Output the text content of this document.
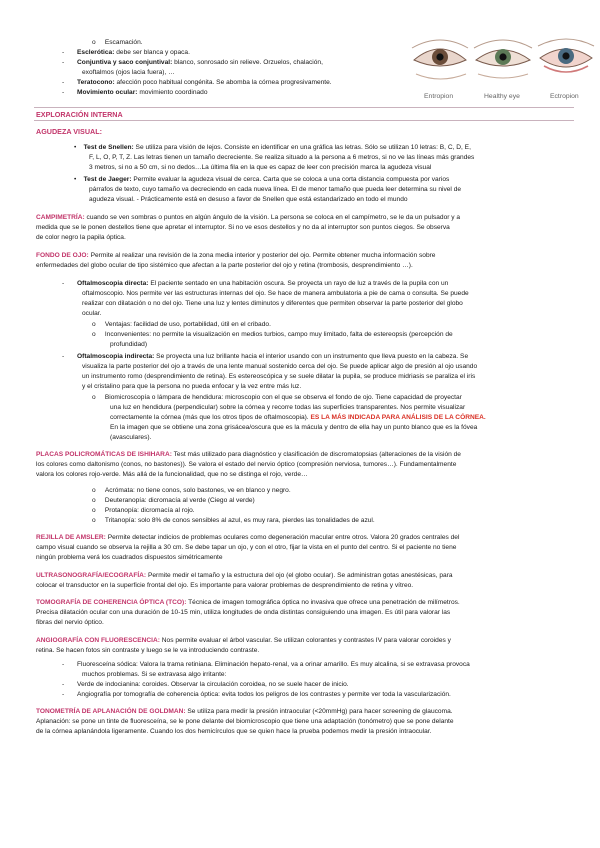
o Escamación.
- Esclerótica: debe ser blanca y opaca.
- Conjuntiva y saco conjuntival: blanco, sonrosado sin relieve. Orzuelos, chalación,
exoftalmos (ojos lacia fuera), …
- Teratocono: afección poco habitual congénita. Se abomba la córnea progresivamente.
- Movimiento ocular: movimiento coordinado
Entropion	Healthy eye	Ectropion
EXPLORACIÓN INTERNA
AGUDEZA VISUAL:
• Test de Snellen: Se utiliza para visión de lejos. Consiste en identificar en una gráfica las letras. Sólo se utilizan 10 letras: B, C, D, E,
F, L, O, P, T, Z. Las letras tienen un tamaño decreciente. Se realiza situado a la persona a 6 metros, si no ve las líneas más grandes
3 metros, si no a 50 cm, si no dedos…La última fila en la que es capaz de leer con precisión marca la agudeza visual
• Test de Jaeger: Permite evaluar la agudeza visual de cerca. Carta que se coloca a una corta distancia compuesta por varios
párrafos de texto, cuyo tamaño va decreciendo en cada nueva línea. El de menor tamaño que pueda leer determina su nivel de
agudeza visual. - Prácticamente está en desuso a favor de Snellen que está estandarizado en todo el mundo
CAMPIMETRÍA: cuando se ven sombras o puntos en algún ángulo de la visión. La persona se coloca en el campímetro, se le da un pulsador y a
medida que se le ponen destellos tiene que apretar el interruptor. Si no ve esos destellos y no da al interruptor son puntos ciegos. Se observa
de color negro la papila óptica.
FONDO DE OJO: Permite al realizar una revisión de la zona media interior y posterior del ojo. Permite obtener mucha información sobre
enfermedades del globo ocular de tipo sistémico que afectan a la parte posterior del ojo y retina (trombosis, desprendimiento …).
- Oftalmoscopia directa: El paciente sentado en una habitación oscura. Se proyecta un rayo de luz a través de la pupila con un
oftalmoscopio. Nos permite ver las estructuras internas del ojo. Se hace de manera ambulatoria a pie de cama o consulta. Se puede
realizar con dilatación o no del ojo. Tiene una luz y lentes diminutos y diferentes que permiten observar la parte posterior del globo
ocular.
o Ventajas: facilidad de uso, portabilidad, útil en el cribado.
o Inconvenientes: no permite la visualización en medios turbios, campo muy limitado, falta de estereopsis (percepción de
profundidad)
- Oftalmoscopia indirecta: Se proyecta una luz brillante hacia el interior usando con un instrumento que lleva puesto en la cabeza. Se
visualiza la parte posterior del ojo a través de una lente manual sostenido cerca del ojo. Se puede aplicar algo de presión al ojo usando
un instrumento romo (desprendimiento de retina). Es estereoscópica y se suele dilatar la pupila, se produce midriasis se paraliza el iris
y el cristalino para que la persona no pueda enfocar y la vez entre más luz.
o Biomicroscopía o lámpara de hendidura: microscopio con el que se observa el fondo de ojo. Tiene capacidad de proyectar
una luz en hendidura (perpendicular) sobre la córnea y recorre todas las superficies transparentes. Nos permite visualizar
correctamente la córnea (más que los otros tipos de oftalmoscopia). ES LA MÁS INDICADA PARA ANÁLISIS DE LA CÓRNEA.
En la imagen que se obtiene una zona grisácea/oscura que es la mácula y dentro de ella hay un punto blanco que es la fóvea
(avasculares).
PLACAS POLICROMÁTICAS DE ISHIHARA: Test más utilizado para diagnóstico y clasificación de discromatopsias (alteraciones de la visión de
los colores como daltonismo (conos, no bastones)). Se valora el estado del nervio óptico (compresión nerviosa, tumores…). Fundamentalmente
valora los colores rojo-verde. Más allá de la funcionalidad, que no se distinga el rojo, verde…
o Acrómata: no tiene conos, solo bastones, ve en blanco y negro.
o Deuteranopía: dicromacía al verde (Ciego al verde)
o Protanopía: dicromacía al rojo.
o Tritanopía: solo 8% de conos sensibles al azul, es muy rara, pierdes las tonalidades de azul.
REJILLA DE AMSLER: Permite detectar indicios de problemas oculares como degeneración macular entre otros. Valora 20 grados centrales del
campo visual cuando se observa la rejilla a 30 cm. Se debe tapar un ojo, y con el otro, fijar la vista en el punto del centro. Si el paciente no tiene
ningún problema verá los cuadrados dispuestos simétricamente
ULTRASONOGRAFÍA/ECOGRAFÍA: Permite medir el tamaño y la estructura del ojo (el globo ocular). Se administran gotas anestésicas, para
colocar el transductor en la superficie frontal del ojo. Es importante para valorar problemas de desprendimiento de retina y vítreo.
TOMOGRAFÍA DE COHERENCIA ÓPTICA (TCO): Técnica de imagen tomográfica óptica no invasiva que ofrece una penetración de milímetros.
Precisa dilatación ocular con una duración de 10-15 min, utiliza longitudes de onda distintas consiguiendo una imagen. Es útil para valorar las
fibras del nervio óptico.
ANGIOGRAFÍA CON FLUORESCENCIA: Nos permite evaluar el árbol vascular. Se utilizan colorantes y contrastes IV para valorar coroides y
retina. Se hacen fotos sin contraste y luego se le va introduciendo contraste.
- Fluoresceína sódica: Valora la trama retiniana. Eliminación hepato-renal, va a orinar amarillo. Es muy alcalina, si se extravasa provoca
muchos problemas. Si se extravasa algo irritante:
- Verde de indocianina: coroides. Observar la circulación coroidea, no se suele hacer de inicio.
- Angiografía por tomografía de coherencia óptica: evita todos los peligros de los contrastes y permite ver toda la vascularización.
TONOMETRÍA DE APLANACIÓN DE GOLDMAN: Se utiliza para medir la presión intraocular (<20mmHg) para hacer screening de glaucoma.
Aplanación: se pone un tinte de fluoresceína, se le pone delante del biomicroscopio que tiene una adaptación (tonómetro) que se pone delante
de la córnea aplanándola ligeramente. Cuando los dos hemicírculos que se quien hace la prueba podemos medir la presión intraocular.
